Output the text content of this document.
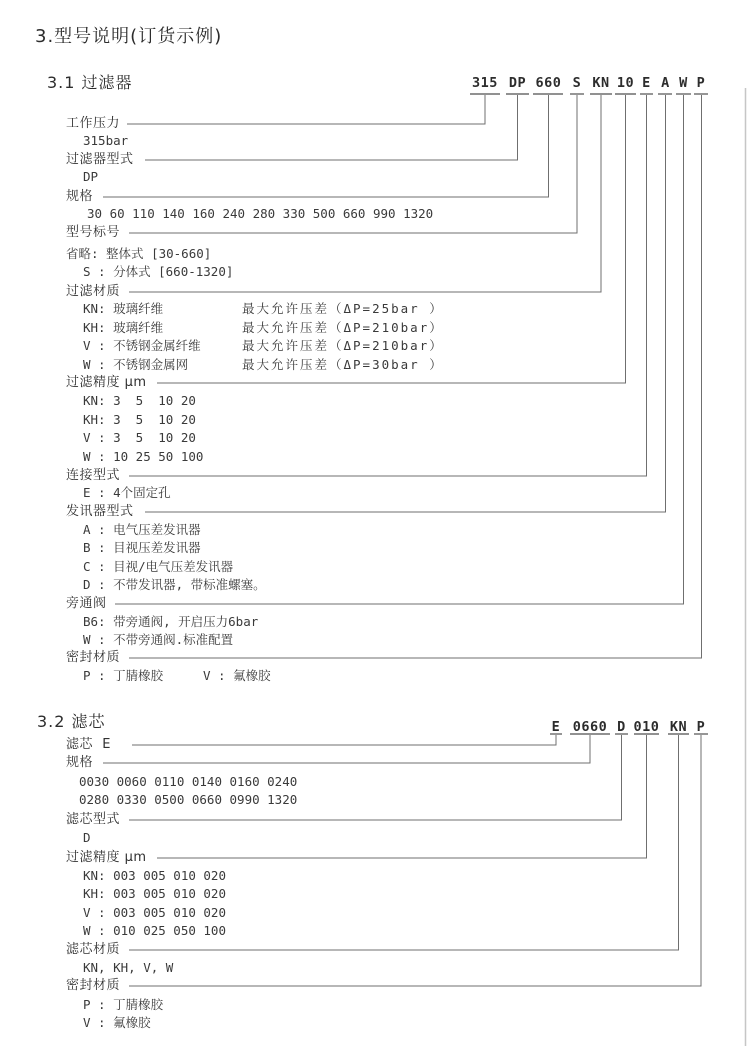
3.型号说明(订货示例)
3.1 过滤器	315 DP 660 S KN 10 E A W P
工作压力
315bar
过滤器型式
DP
规格
30 60 110 140 160 240 280 330 500 660 990 1320
型号标号
省略: 整体式 [30-660]
S : 分体式 [660-1320]
过滤材质
KN: 玻璃纤维	最大允许压差（ΔP=25bar ）
KH: 玻璃纤维	最大允许压差（ΔP=210bar）
V : 不锈钢金属纤维	最大允许压差（ΔP=210bar）
W : 不锈钢金属网	最大允许压差（ΔP=30bar ）
过滤精度 μm
KN: 3  5  10 20
KH: 3  5  10 20
V : 3  5  10 20
W : 10 25 50 100
连接型式
E : 4个固定孔
发讯器型式
A : 电气压差发讯器
B : 目视压差发讯器
C : 目视/电气压差发讯器
D : 不带发讯器, 带标准螺塞。
旁通阀
B6: 带旁通阀, 开启压力6bar
W : 不带旁通阀.标准配置
密封材质
P : 丁腈橡胶	V : 氟橡胶
3.2 滤芯	E 0660 D 010 KN P
滤芯  E
规格
0030 0060 0110 0140 0160 0240
0280 0330 0500 0660 0990 1320
滤芯型式
D
过滤精度 μm
KN: 003 005 010 020
KH: 003 005 010 020
V : 003 005 010 020
W : 010 025 050 100
滤芯材质
KN, KH, V, W
密封材质
P : 丁腈橡胶
V : 氟橡胶
